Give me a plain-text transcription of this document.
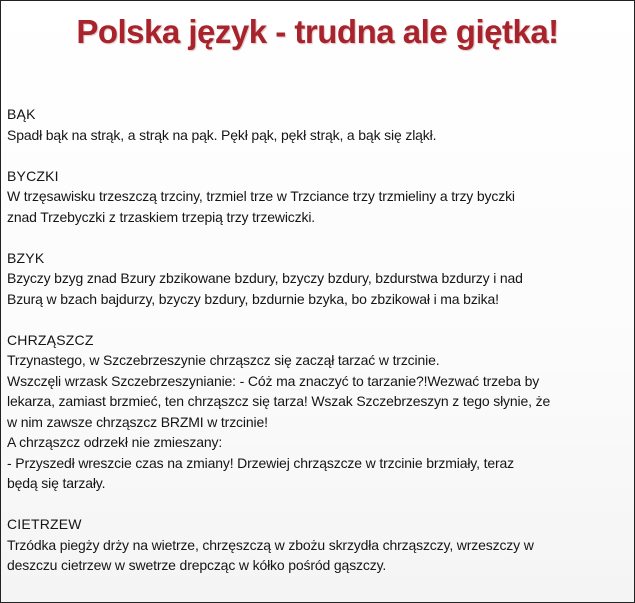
Polska język - trudna ale giętka!
BĄK
Spadł bąk na strąk, a strąk na pąk. Pękł pąk, pękł strąk, a bąk się zląkł.
BYCZKI
W trzęsawisku trzeszczą trzciny, trzmiel trze w Trzciance trzy trzmieliny a trzy byczki
znad Trzebyczki z trzaskiem trzepią trzy trzewiczki.
BZYK
Bzyczy bzyg znad Bzury zbzikowane bzdury, bzyczy bzdury, bzdurstwa bzdurzy i nad
Bzurą w bzach bajdurzy, bzyczy bzdury, bzdurnie bzyka, bo zbzikował i ma bzika!
CHRZĄSZCZ
Trzynastego, w Szczebrzeszynie chrząszcz się zaczął tarzać w trzcinie.
Wszczęli wrzask Szczebrzeszynianie: - Cóż ma znaczyć to tarzanie?!Wezwać trzeba by
lekarza, zamiast brzmieć, ten chrząszcz się tarza! Wszak Szczebrzeszyn z tego słynie, że
w nim zawsze chrząszcz BRZMI w trzcinie!
A chrząszcz odrzekł nie zmieszany:
- Przyszedł wreszcie czas na zmiany! Drzewiej chrząszcze w trzcinie brzmiały, teraz
będą się tarzały.
CIETRZEW
Trzódka piegży drży na wietrze, chrzęszczą w zbożu skrzydła chrząszczy, wrzeszczy w
deszczu cietrzew w swetrze drepcząc w kółko pośród gąszczy.
